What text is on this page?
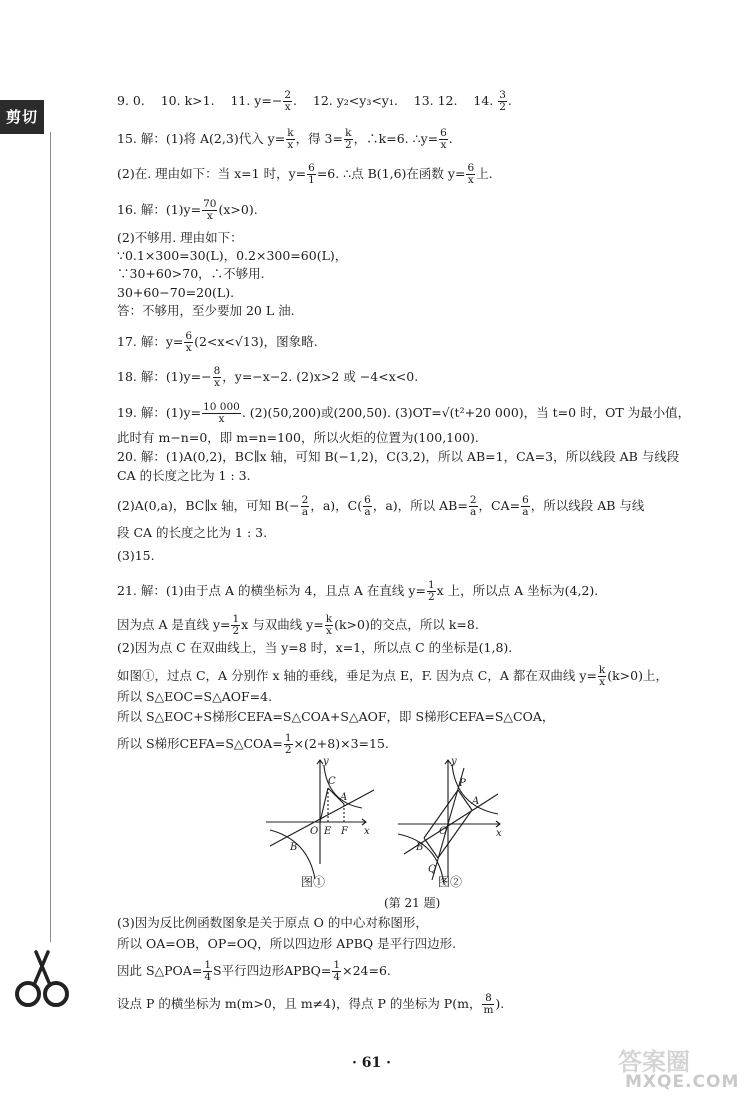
剪切线
9. 0.    10. k>1.    11. $y=- \frac{2}{x}$ .    12. y₂<y₃<y₁.    13. 12.    14. $\frac{3}{2}$ .
15. 解：(1)将 A(2,3)代入 $y= \frac{k}{x}$ ，得 $3= \frac{k}{2}$ ，∴k=6. ∴y= $\frac{6}{x}$ .
(2)在. 理由如下：当 x=1 时，$y= \frac{6}{1} =6$. ∴点 B(1,6)在函数 $y= \frac{6}{x}$ 上.
16. 解：$(1)y= \frac{70}{x} (x>0)$.
(2)不够用. 理由如下：
∵0.1×300=30(L)，0.2×300=60(L)，
∵30+60>70，∴不够用.
30+60−70=20(L).
答：不够用，至少要加 20 L 油.
17. 解：$y= \frac{6}{x} (2<x<√13)$，图象略.
18. 解：$(1)y=- \frac{8}{x}$ ，y=−x−2. (2)x>2 或 −4<x<0.
19. 解：$(1)y= \frac{10 000}{x}$ . (2)(50,200)或(200,50). (3)OT=√(t²+20 000)，当 t=0 时，OT 为最小值，
此时有 m−n=0，即 m=n=100，所以火炬的位置为(100,100).
20. 解：(1)A(0,2)，BC∥x 轴，可知 B(−1,2)，C(3,2)，所以 AB=1，CA=3，所以线段 AB 与线段
CA 的长度之比为 1 : 3.
(2)A(0,a)，BC∥x 轴，可知 $B(- \frac{2}{a}$ ，a)，$C( \frac{6}{a}$ ，a)，所以 $AB= \frac{2}{a}$ ，$CA= \frac{6}{a}$ ，所以线段 AB 与线
段 CA 的长度之比为 1 : 3.
(3)15.
21. 解：(1)由于点 A 的横坐标为 4，且点 A 在直线 $y= \frac{1}{2}$ x 上，所以点 A 坐标为(4,2).
因为点 A 是直线 $y= \frac{1}{2}$ x 与双曲线 $y= \frac{k}{x} (k>0)$的交点，所以 k=8.
(2)因为点 C 在双曲线上，当 y=8 时，x=1，所以点 C 的坐标是(1,8).
如图①，过点 C，A 分别作 x 轴的垂线，垂足为点 E，F. 因为点 C，A 都在双曲线 $y= \frac{k}{x} (k>0)$上，
所以 S△EOC=S△AOF=4.
所以 S△EOC+S梯形CEFA=S△COA+S△AOF，即 S梯形CEFA=S△COA，
所以 S梯形CEFA=S△COA= $\frac{1}{2} \times(2+8)\times 3=15$.
(3)因为反比例函数图象是关于原点 O 的中心对称图形，
所以 OA=OB，OP=OQ，所以四边形 APBQ 是平行四边形.
因此 S△POA= $\frac{1}{4}$ S平行四边形APBQ= $\frac{1}{4} \times 24=6$.
设点 P 的横坐标为 m(m>0，且 m≠4)，得点 P 的坐标为 P(m， $\frac{8}{m}$ ).
y
x
C
A
O E F
B
图①
y
x
P
A
O
B
Q
图②
(第 21 题)
· 61 ·	答案圈
MXQE.COM
